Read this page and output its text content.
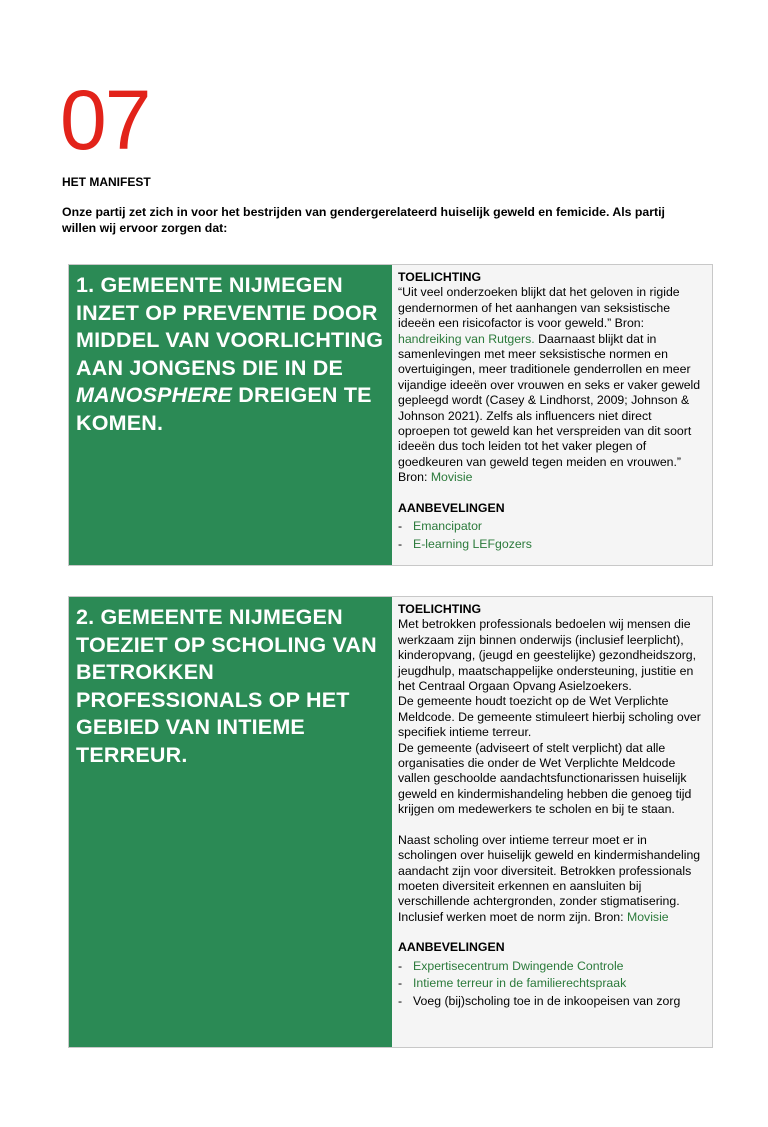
07
HET MANIFEST
Onze partij zet zich in voor het bestrijden van gendergerelateerd huiselijk geweld en femicide. Als partij willen wij ervoor zorgen dat:
1. GEMEENTE NIJMEGEN INZET OP PREVENTIE DOOR MIDDEL VAN VOORLICHTING AAN JONGENS DIE IN DE MANOSPHERE DREIGEN TE KOMEN.
TOELICHTING

“Uit veel onderzoeken blijkt dat het geloven in rigide gendernormen of het aanhangen van seksistische ideeën een risicofactor is voor geweld.” Bron: handreiking van Rutgers. Daarnaast blijkt dat in samenlevingen met meer seksistische normen en overtuigingen, meer traditionele genderrollen en meer vijandige ideeën over vrouwen en seks er vaker geweld gepleegd wordt (Casey & Lindhorst, 2009; Johnson & Johnson 2021). Zelfs als influencers niet direct oproepen tot geweld kan het verspreiden van dit soort ideeën dus toch leiden tot het vaker plegen of goedkeuren van geweld tegen meiden en vrouwen.” Bron: Movisie

AANBEVELINGEN
- Emancipator
- E-learning LEFgozers
2. GEMEENTE NIJMEGEN TOEZIET OP SCHOLING VAN BETROKKEN PROFESSIONALS OP HET GEBIED VAN INTIEME TERREUR.
TOELICHTING

Met betrokken professionals bedoelen wij mensen die werkzaam zijn binnen onderwijs (inclusief leerplicht), kinderopvang, (jeugd en geestelijke) gezondheidszorg, jeugdhulp, maatschappelijke ondersteuning, justitie en het Centraal Orgaan Opvang Asielzoekers.

De gemeente houdt toezicht op de Wet Verplichte Meldcode. De gemeente stimuleert hierbij scholing over specifiek intieme terreur.

De gemeente (adviseert of stelt verplicht) dat alle organisaties die onder de Wet Verplichte Meldcode vallen geschoolde aandachtsfunctionarissen huiselijk geweld en kindermishandeling hebben die genoeg tijd krijgen om medewerkers te scholen en bij te staan.

Naast scholing over intieme terreur moet er in scholingen over huiselijk geweld en kindermishandeling aandacht zijn voor diversiteit. Betrokken professionals moeten diversiteit erkennen en aansluiten bij verschillende achtergronden, zonder stigmatisering. Inclusief werken moet de norm zijn. Bron: Movisie

AANBEVELINGEN
- Expertisecentrum Dwingende Controle
- Intieme terreur in de familierechtspraak
- Voeg (bij)scholing toe in de inkoopeisen van zorg
